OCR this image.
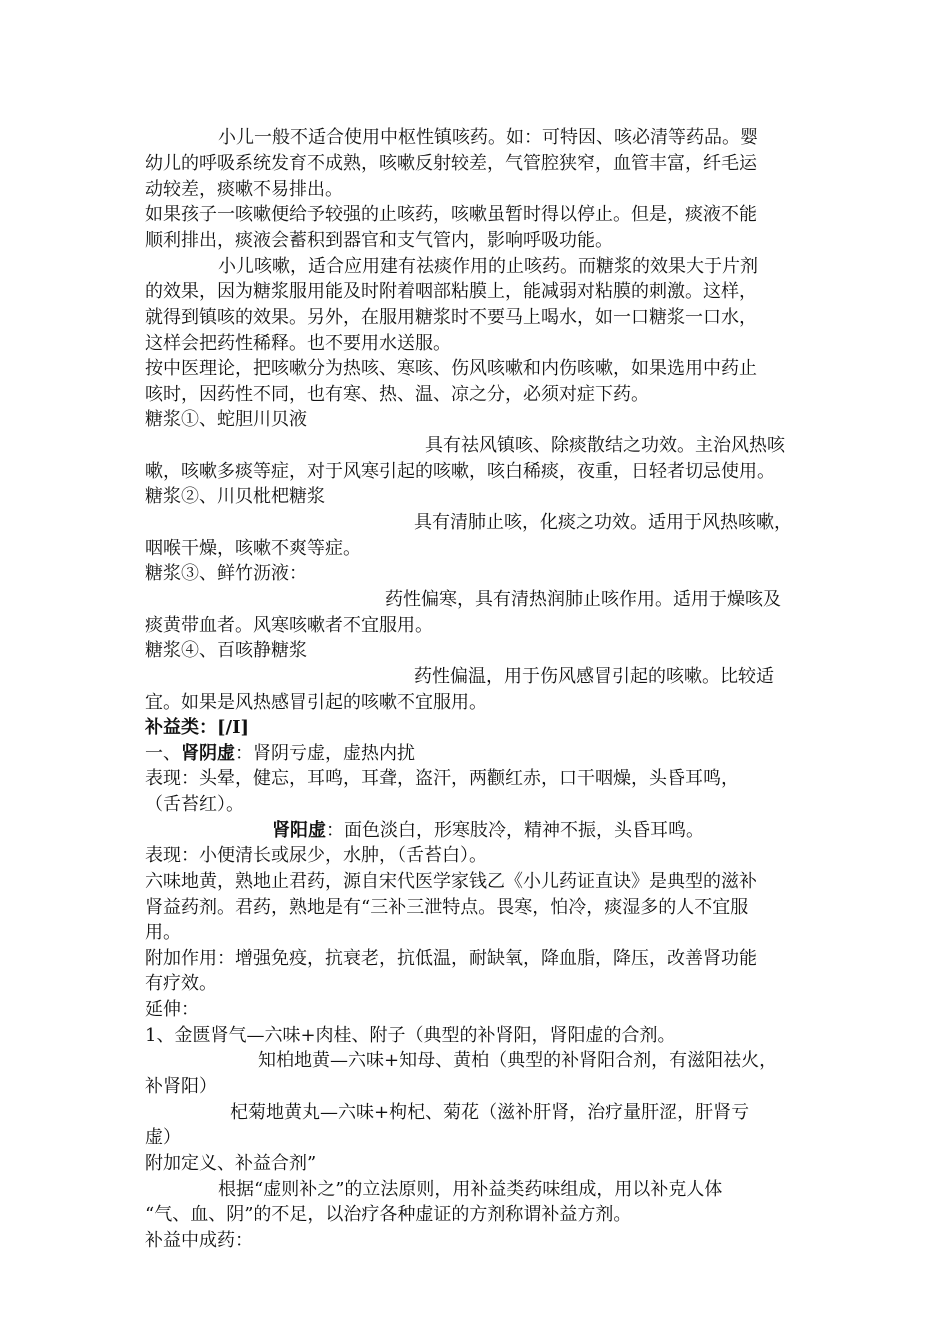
小儿一般不适合使用中枢性镇咳药。如：可特因、咳必清等药品。婴
幼儿的呼吸系统发育不成熟，咳嗽反射较差，气管腔狭窄，血管丰富，纤毛运
动较差，痰嗽不易排出。
如果孩子一咳嗽便给予较强的止咳药，咳嗽虽暂时得以停止。但是，痰液不能
顺利排出，痰液会蓄积到器官和支气管内，影响呼吸功能。
小儿咳嗽，适合应用建有祛痰作用的止咳药。而糖浆的效果大于片剂
的效果，因为糖浆服用能及时附着咽部粘膜上，能减弱对粘膜的刺激。这样，
就得到镇咳的效果。另外，在服用糖浆时不要马上喝水，如一口糖浆一口水，
这样会把药性稀释。也不要用水送服。
按中医理论，把咳嗽分为热咳、寒咳、伤风咳嗽和内伤咳嗽，如果选用中药止
咳时，因药性不同，也有寒、热、温、凉之分，必须对症下药。
糖浆①、蛇胆川贝液
具有祛风镇咳、除痰散结之功效。主治风热咳
嗽，咳嗽多痰等症，对于风寒引起的咳嗽，咳白稀痰，夜重，日轻者切忌使用。
糖浆②、川贝枇杷糖浆
具有清肺止咳，化痰之功效。适用于风热咳嗽，
咽喉干燥，咳嗽不爽等症。
糖浆③、鲜竹沥液：
药性偏寒，具有清热润肺止咳作用。适用于燥咳及
痰黄带血者。风寒咳嗽者不宜服用。
糖浆④、百咳静糖浆
药性偏温，用于伤风感冒引起的咳嗽。比较适
宜。如果是风热感冒引起的咳嗽不宜服用。
补益类：[/I]
一、肾阴虚：肾阴亏虚，虚热内扰
表现：头晕，健忘，耳鸣，耳聋，盗汗，两颧红赤，口干咽燥，头昏耳鸣，
（舌苔红）。
肾阳虚：面色淡白，形寒肢冷，精神不振，头昏耳鸣。
表现：小便清长或尿少，水肿，（舌苔白）。
六味地黄，熟地止君药，源自宋代医学家钱乙《小儿药证直诀》是典型的滋补
肾益药剂。君药，熟地是有“三补三泄特点。畏寒，怕冷，痰湿多的人不宜服
用。
附加作用：增强免疫，抗衰老，抗低温，耐缺氧，降血脂，降压，改善肾功能
有疗效。
延伸：
1、金匮肾气—六味+肉桂、附子（典型的补肾阳，肾阳虚的合剂。
知柏地黄—六味+知母、黄柏（典型的补肾阳合剂，有滋阳祛火，
补肾阳）
杞菊地黄丸—六味+枸杞、菊花（滋补肝肾，治疗量肝涩，肝肾亏
虚）
附加定义、补益合剂”
根据“虚则补之”的立法原则，用补益类药味组成，用以补克人体
“气、血、阴”的不足，以治疗各种虚证的方剂称谓补益方剂。
补益中成药：
